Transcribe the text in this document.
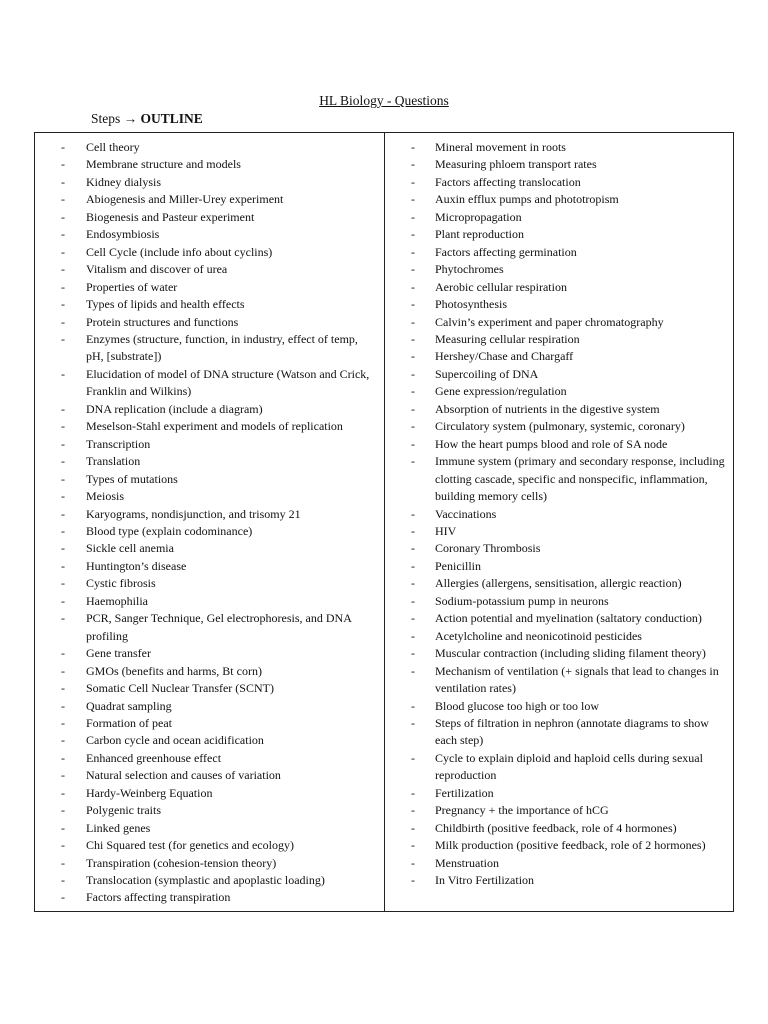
HL Biology - Questions
Steps → OUTLINE
- Cell theory
- Membrane structure and models
- Kidney dialysis
- Abiogenesis and Miller-Urey experiment
- Biogenesis and Pasteur experiment
- Endosymbiosis
- Cell Cycle (include info about cyclins)
- Vitalism and discover of urea
- Properties of water
- Types of lipids and health effects
- Protein structures and functions
- Enzymes (structure, function, in industry, effect of temp, pH, [substrate])
- Elucidation of model of DNA structure (Watson and Crick, Franklin and Wilkins)
- DNA replication (include a diagram)
- Meselson-Stahl experiment and models of replication
- Transcription
- Translation
- Types of mutations
- Meiosis
- Karyograms, nondisjunction, and trisomy 21
- Blood type (explain codominance)
- Sickle cell anemia
- Huntington’s disease
- Cystic fibrosis
- Haemophilia
- PCR, Sanger Technique, Gel electrophoresis, and DNA profiling
- Gene transfer
- GMOs (benefits and harms, Bt corn)
- Somatic Cell Nuclear Transfer (SCNT)
- Quadrat sampling
- Formation of peat
- Carbon cycle and ocean acidification
- Enhanced greenhouse effect
- Natural selection and causes of variation
- Hardy-Weinberg Equation
- Polygenic traits
- Linked genes
- Chi Squared test (for genetics and ecology)
- Transpiration (cohesion-tension theory)
- Translocation (symplastic and apoplastic loading)
- Factors affecting transpiration
- Mineral movement in roots
- Measuring phloem transport rates
- Factors affecting translocation
- Auxin efflux pumps and phototropism
- Micropropagation
- Plant reproduction
- Factors affecting germination
- Phytochromes
- Aerobic cellular respiration
- Photosynthesis
- Calvin’s experiment and paper chromatography
- Measuring cellular respiration
- Hershey/Chase and Chargaff
- Supercoiling of DNA
- Gene expression/regulation
- Absorption of nutrients in the digestive system
- Circulatory system (pulmonary, systemic, coronary)
- How the heart pumps blood and role of SA node
- Immune system (primary and secondary response, including clotting cascade, specific and nonspecific, inflammation, building memory cells)
- Vaccinations
- HIV
- Coronary Thrombosis
- Penicillin
- Allergies (allergens, sensitisation, allergic reaction)
- Sodium-potassium pump in neurons
- Action potential and myelination (saltatory conduction)
- Acetylcholine and neonicotinoid pesticides
- Muscular contraction (including sliding filament theory)
- Mechanism of ventilation (+ signals that lead to changes in ventilation rates)
- Blood glucose too high or too low
- Steps of filtration in nephron (annotate diagrams to show each step)
- Cycle to explain diploid and haploid cells during sexual reproduction
- Fertilization
- Pregnancy + the importance of hCG
- Childbirth (positive feedback, role of 4 hormones)
- Milk production (positive feedback, role of 2 hormones)
- Menstruation
- In Vitro Fertilization
